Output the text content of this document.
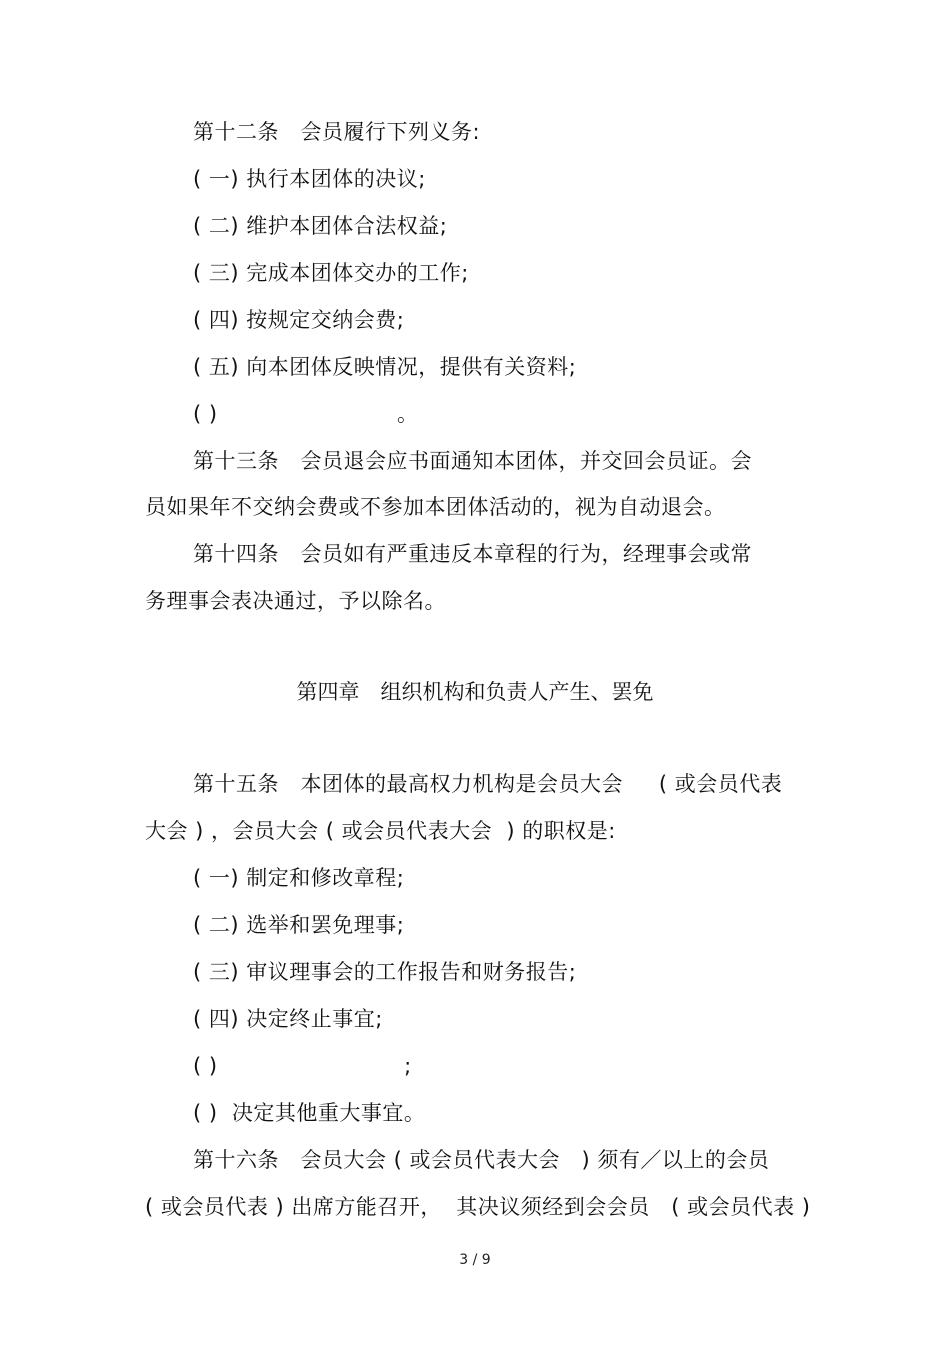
第十二条　会员履行下列义务:
( 一) 执行本团体的决议;
( 二) 维护本团体合法权益;
( 三) 完成本团体交办的工作;
( 四) 按规定交纳会费;
( 五) 向本团体反映情况，提供有关资料;
( )                         。
第十三条　会员退会应书面通知本团体，并交回会员证。会
员如果年不交纳会费或不参加本团体活动的，视为自动退会。
第十四条　会员如有严重违反本章程的行为，经理事会或常
务理事会表决通过，予以除名。
第四章　组织机构和负责人产生、罢免
第十五条　本团体的最高权力机构是会员大会　  ( 或会员代表
大会 ) ，会员大会 ( 或会员代表大会  ) 的职权是:
( 一) 制定和修改章程;
( 二) 选举和罢免理事;
( 三) 审议理事会的工作报告和财务报告;
( 四) 决定终止事宜;
( )                          ;
( )  决定其他重大事宜。
第十六条　会员大会 ( 或会员代表大会　) 须有／以上的会员
( 或会员代表 ) 出席方能召开，  其决议须经到会会员　( 或会员代表 )
3 / 9
